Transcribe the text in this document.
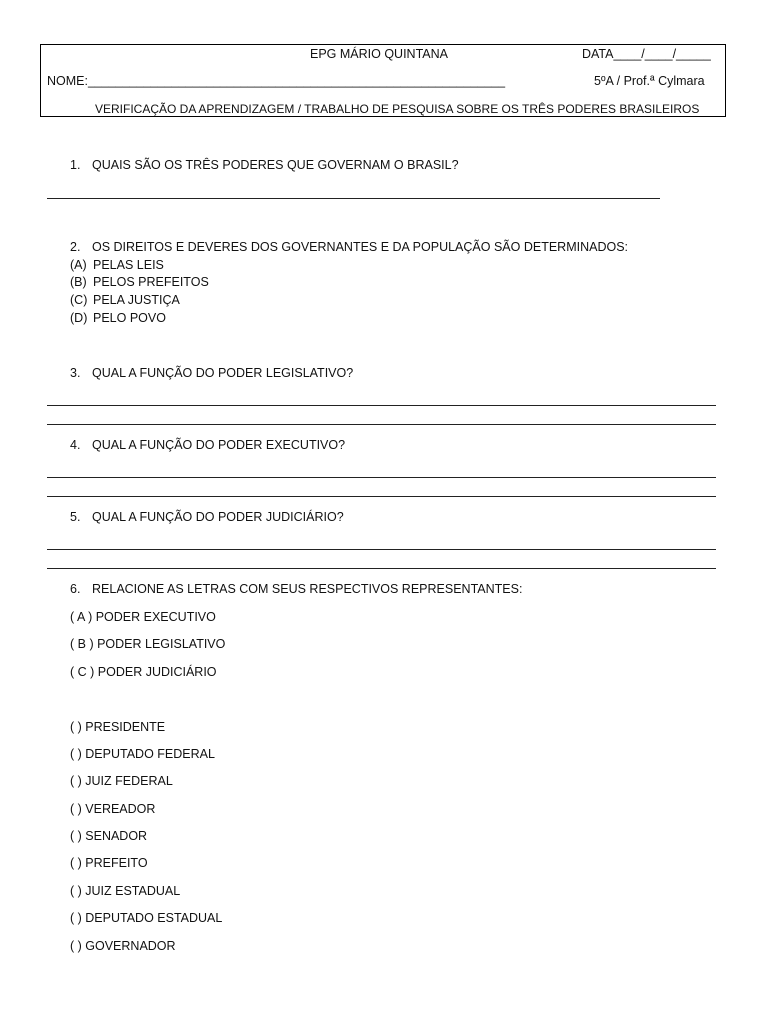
EPG MÁRIO QUINTANA	DATA____/____/_____
NOME:____________________________________________________________	5ºA / Prof.ª Cylmara
VERIFICAÇÃO DA APRENDIZAGEM / TRABALHO DE PESQUISA SOBRE OS TRÊS PODERES BRASILEIROS
1. QUAIS SÃO OS TRÊS PODERES QUE GOVERNAM O BRASIL?
2. OS DIREITOS E DEVERES DOS GOVERNANTES E DA POPULAÇÃO SÃO DETERMINADOS:
(A) PELAS LEIS
(B) PELOS PREFEITOS
(C) PELA JUSTIÇA
(D) PELO POVO
3. QUAL A FUNÇÃO DO PODER LEGISLATIVO?
4. QUAL A FUNÇÃO DO PODER EXECUTIVO?
5. QUAL A FUNÇÃO DO PODER JUDICIÁRIO?
6. RELACIONE AS LETRAS COM SEUS RESPECTIVOS REPRESENTANTES:
( A ) PODER EXECUTIVO
( B ) PODER LEGISLATIVO
( C ) PODER JUDICIÁRIO
( ) PRESIDENTE
( ) DEPUTADO FEDERAL
( ) JUIZ FEDERAL
( ) VEREADOR
( ) SENADOR
( ) PREFEITO
( ) JUIZ ESTADUAL
( ) DEPUTADO ESTADUAL
( ) GOVERNADOR
